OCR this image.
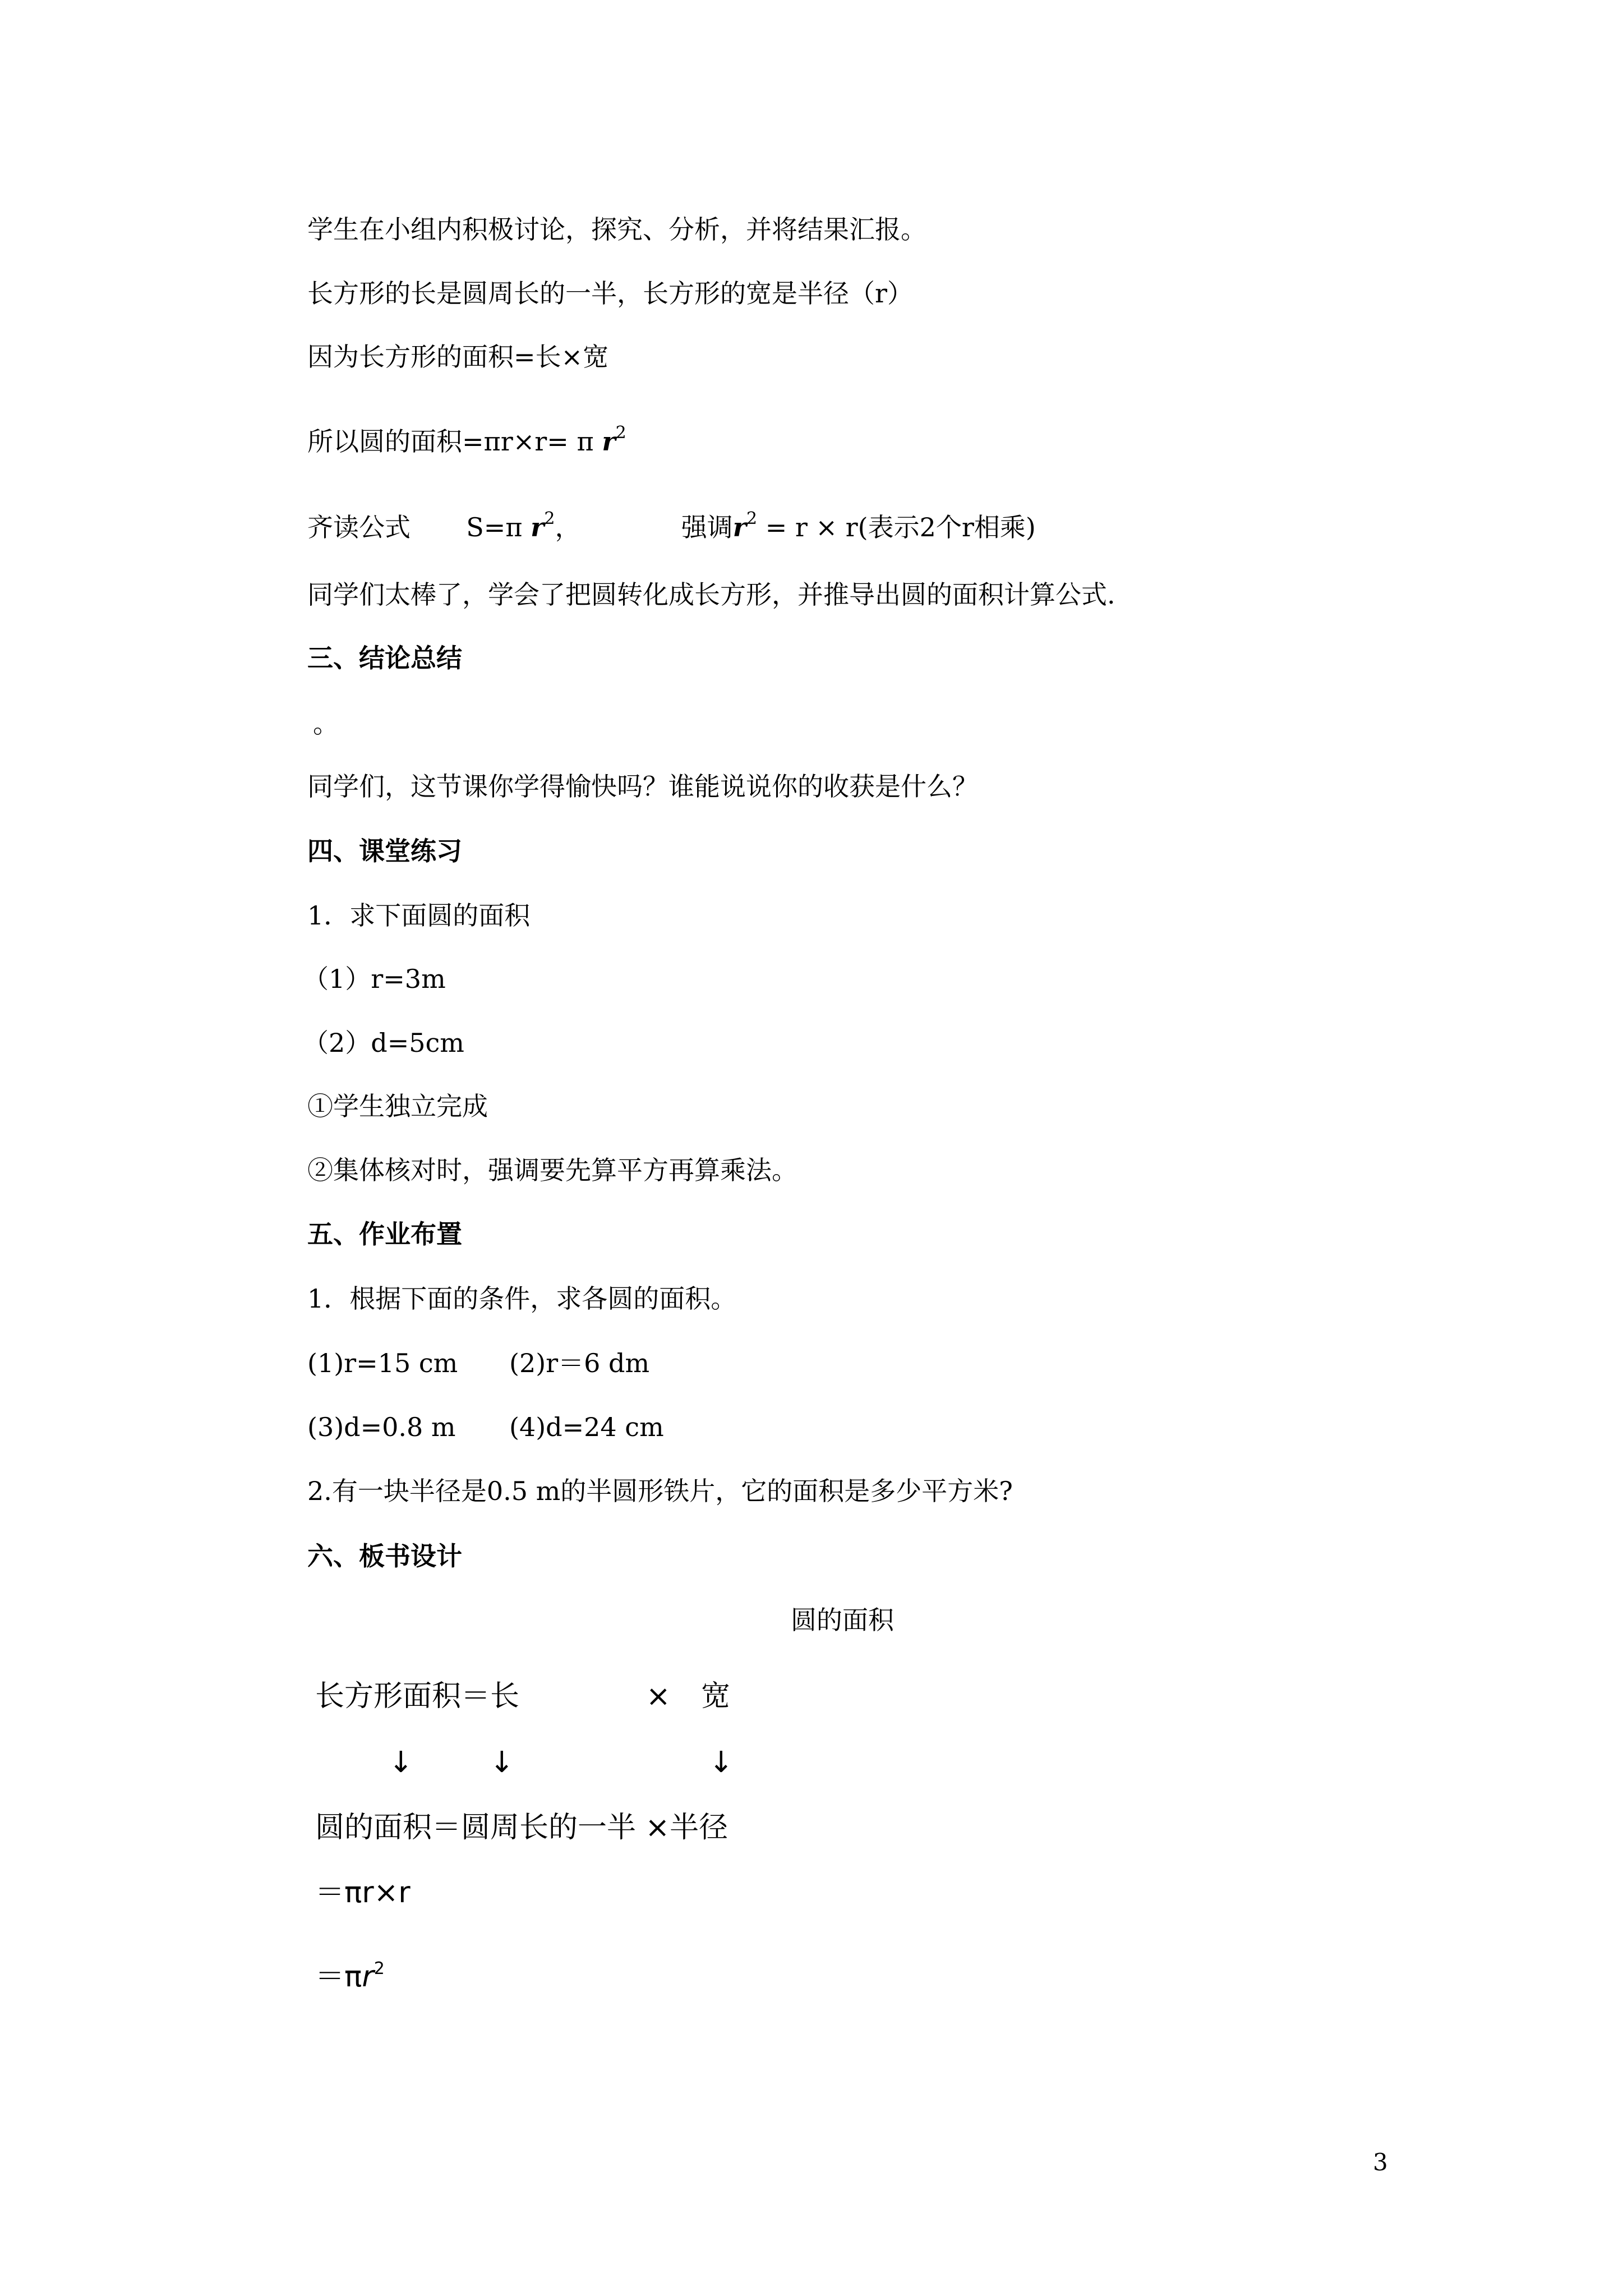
学生在小组内积极讨论，探究、分析，并将结果汇报。
长方形的长是圆周长的一半，长方形的宽是半径（r）
因为长方形的面积=长×宽
所以圆的面积=πr×r= π $r^2$
齐读公式 S=π $r^2$，	强调$r^2 = r \times r$(表示2个r相乘)
同学们太棒了，学会了把圆转化成长方形，并推导出圆的面积计算公式.
三、结论总结
。
同学们，这节课你学得愉快吗？谁能说说你的收获是什么？
四、课堂练习
1．求下面圆的面积
（1）r=3m
（2）d=5cm
①学生独立完成
②集体核对时，强调要先算平方再算乘法。
五、作业布置
1．根据下面的条件，求各圆的面积。
(1)r=15 cm (2)r＝6 dm
(3)d=0.8 m (4)d=24 cm
2.有一块半径是0.5 m的半圆形铁片，它的面积是多少平方米?
六、板书设计
圆的面积
长方形面积＝长	× 宽
↓	↓	↓
圆的面积＝圆周长的一半 ×半径
＝πr×r
$=\pi r^2$
3
